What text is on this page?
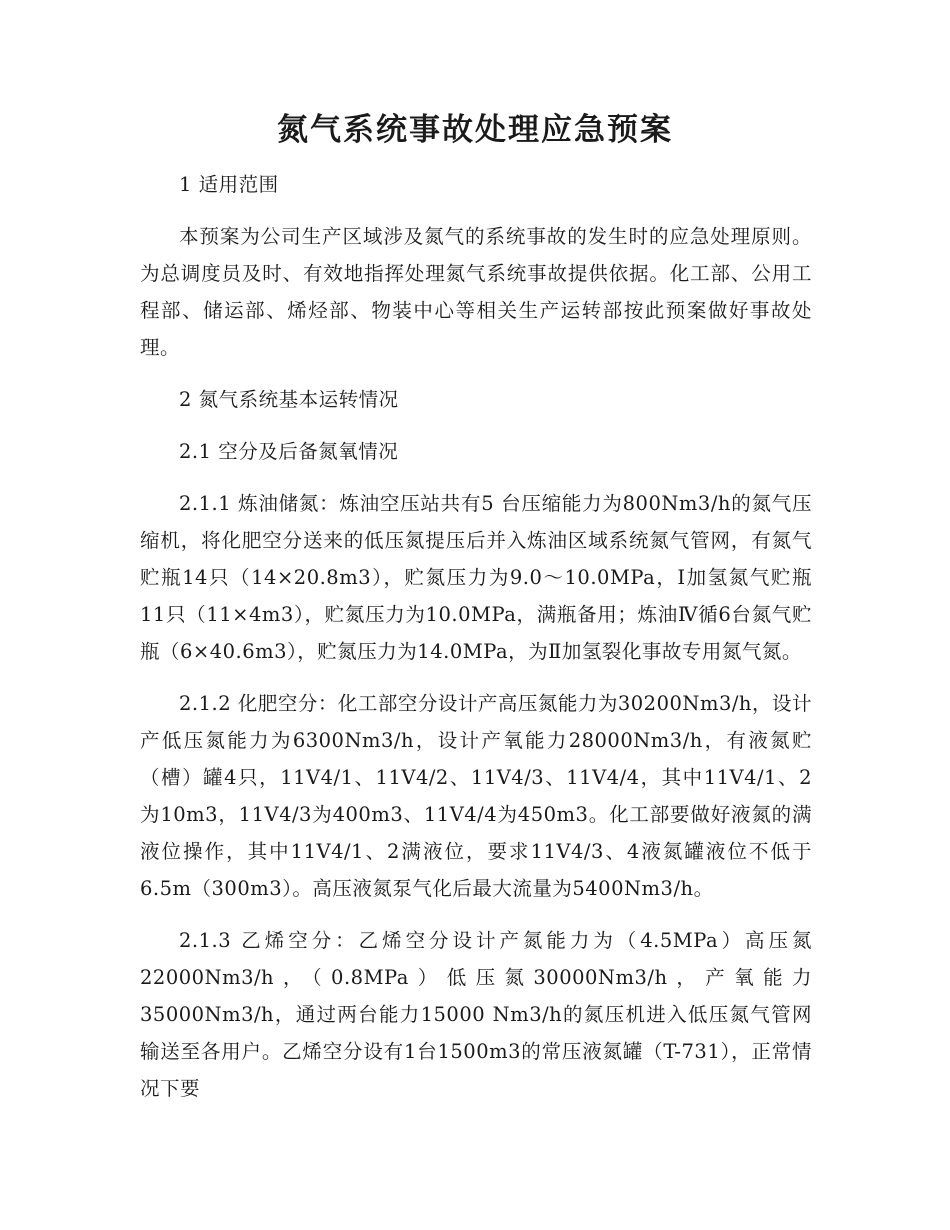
氮气系统事故处理应急预案

1 适用范围

本预案为公司生产区域涉及氮气的系统事故的发生时的应急处理原则。为总调度员及时、有效地指挥处理氮气系统事故提供依据。化工部、公用工程部、储运部、烯烃部、物装中心等相关生产运转部按此预案做好事故处理。

2 氮气系统基本运转情况

2.1 空分及后备氮氧情况

2.1.1 炼油储氮：炼油空压站共有5 台压缩能力为800Nm3/h的氮气压缩机，将化肥空分送来的低压氮提压后并入炼油区域系统氮气管网，有氮气贮瓶14只（14×20.8m3），贮氮压力为9.0～10.0MPa，Ⅰ加氢氮气贮瓶11只（11×4m3），贮氮压力为10.0MPa，满瓶备用；炼油Ⅳ循6台氮气贮瓶（6×40.6m3），贮氮压力为14.0MPa，为Ⅱ加氢裂化事故专用氮气氮。

2.1.2 化肥空分：化工部空分设计产高压氮能力为30200Nm3/h，设计产低压氮能力为6300Nm3/h，设计产氧能力28000Nm3/h，有液氮贮（槽）罐4只，11V4/1、11V4/2、11V4/3、11V4/4，其中11V4/1、2为10m3，11V4/3为400m3、11V4/4为450m3。化工部要做好液氮的满液位操作，其中11V4/1、2满液位，要求11V4/3、4液氮罐液位不低于6.5m（300m3）。高压液氮泵气化后最大流量为5400Nm3/h。

2.1.3 乙烯空分：乙烯空分设计产氮能力为（4.5MPa）高压氮22000Nm3/h，（0.8MPa）低压氮30000Nm3/h，产氧能力35000Nm3/h，通过两台能力15000 Nm3/h的氮压机进入低压氮气管网输送至各用户。乙烯空分设有1台1500m3的常压液氮罐（T-731），正常情况下要
